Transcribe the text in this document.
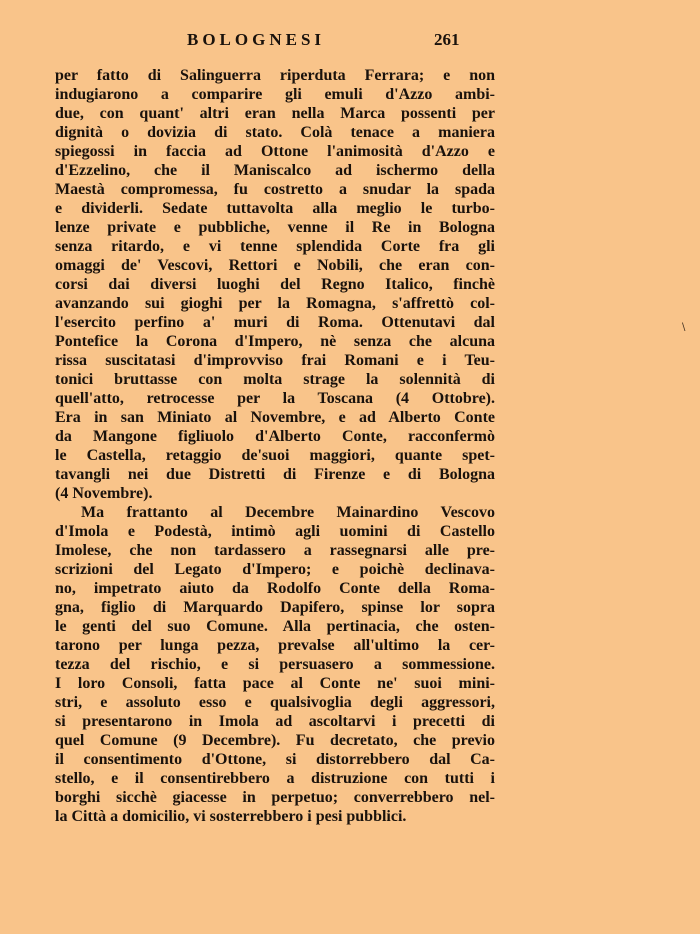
BOLOGNESI	261
per fatto di Salinguerra riperduta Ferrara; e non
indugiarono a comparire gli emuli d'Azzo ambi-
due, con quant' altri eran nella Marca possenti per
dignità o dovizia di stato. Colà tenace a maniera
spiegossi in faccia ad Ottone l'animosità d'Azzo e
d'Ezzelino, che il Maniscalco ad ischermo della
Maestà compromessa, fu costretto a snudar la spada
e dividerli. Sedate tuttavolta alla meglio le turbo-
lenze private e pubbliche, venne il Re in Bologna
senza ritardo, e vi tenne splendida Corte fra gli
omaggi de' Vescovi, Rettori e Nobili, che eran con-
corsi dai diversi luoghi del Regno Italico, finchè
avanzando sui gioghi per la Romagna, s'affrettò col-
l'esercito perfino a' muri di Roma. Ottenutavi dal
Pontefice la Corona d'Impero, nè senza che alcuna
rissa suscitatasi d'improvviso frai Romani e i Teu-
tonici bruttasse con molta strage la solennità di
quell'atto, retrocesse per la Toscana (4 Ottobre).
Era in san Miniato al Novembre, e ad Alberto Conte
da Mangone figliuolo d'Alberto Conte, racconfermò
le Castella, retaggio de'suoi maggiori, quante spet-
tavangli nei due Distretti di Firenze e di Bologna
(4 Novembre).
Ma frattanto al Decembre Mainardino Vescovo
d'Imola e Podestà, intimò agli uomini di Castello
Imolese, che non tardassero a rassegnarsi alle pre-
scrizioni del Legato d'Impero; e poichè declinava-
no, impetrato aiuto da Rodolfo Conte della Roma-
gna, figlio di Marquardo Dapifero, spinse lor sopra
le genti del suo Comune. Alla pertinacia, che osten-
tarono per lunga pezza, prevalse all'ultimo la cer-
tezza del rischio, e si persuasero a sommessione.
I loro Consoli, fatta pace al Conte ne' suoi mini-
stri, e assoluto esso e qualsivoglia degli aggressori,
si presentarono in Imola ad ascoltarvi i precetti di
quel Comune (9 Decembre). Fu decretato, che previo
il consentimento d'Ottone, si distorrebbero dal Ca-
stello, e il consentirebbero a distruzione con tutti i
borghi sicchè giacesse in perpetuo; converrebbero nel-
la Città a domicilio, vi sosterrebbero i pesi pubblici.
\
